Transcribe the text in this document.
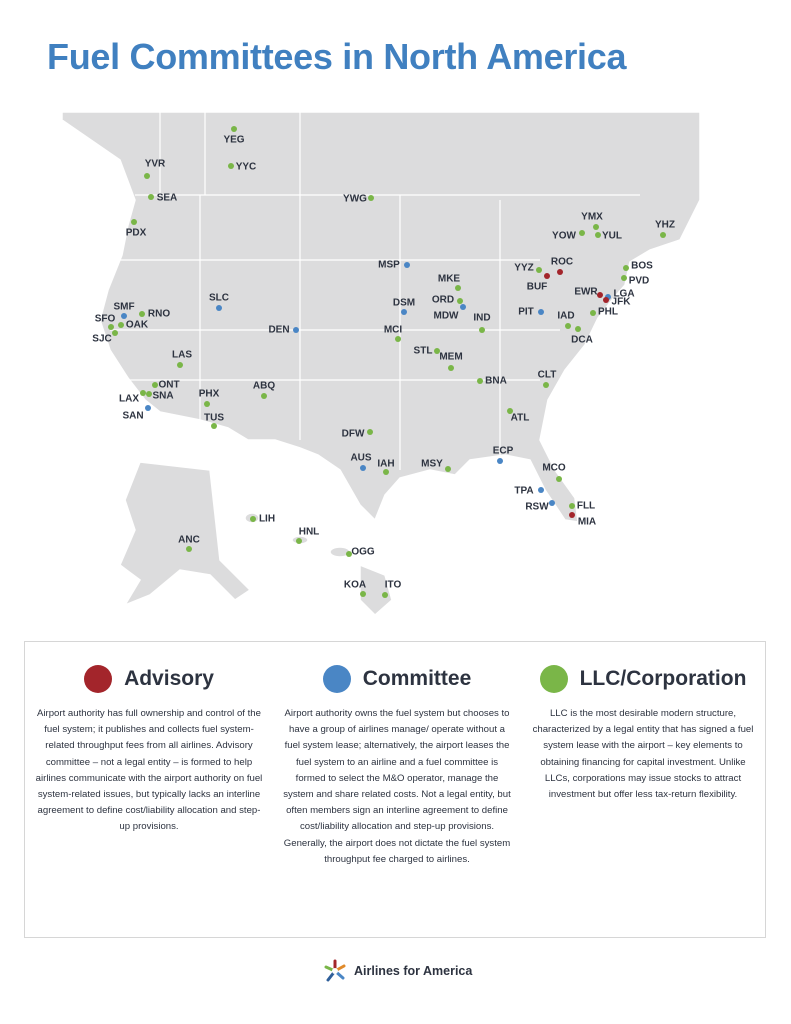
Fuel Committees in North America
YEG
YYC
YVR
SEA
PDX
YWG
YMX
YOW	YUL
YHZ
YYZ
ROC
BUF
BOS
PVD
EWR LGA
JFK
PIT	PHL
IAD
DCA
MSP
MKE
ORD
MDW
DSM
IND
MCI
STL
MEM
BNA
CLT
ATL
DFW
AUS
IAH	MSY
ECP
MCO
TPA
RSW	FLL
MIA
SMF
RNO
SFO
OAK
SJC
SLC
DEN
LAS
ONT
LAX SNA
SAN
PHX
TUS
ABQ
LIH
HNL
OGG
ANC
KOA ITO
Advisory
Airport authority has full ownership and control of the fuel system; it publishes and collects fuel system-related throughput fees from all airlines. Advisory committee – not a legal entity – is formed to help airlines communicate with the airport authority on fuel system-related issues, but typically lacks an interline agreement to define cost/liability allocation and step-up provisions.
Committee
Airport authority owns the fuel system but chooses to have a group of airlines manage/ operate without a fuel system lease; alternatively, the airport leases the fuel system to an airline and a fuel committee is formed to select the M&O operator, manage the system and share related costs. Not a legal entity, but often members sign an interline agreement to define cost/liability allocation and step-up provisions. Generally, the airport does not dictate the fuel system throughput fee charged to airlines.
LLC/Corporation
LLC is the most desirable modern structure, characterized by a legal entity that has signed a fuel system lease with the airport – key elements to obtaining financing for capital investment. Unlike LLCs, corporations may issue stocks to attract investment but offer less tax-return flexibility.
Airlines for America
